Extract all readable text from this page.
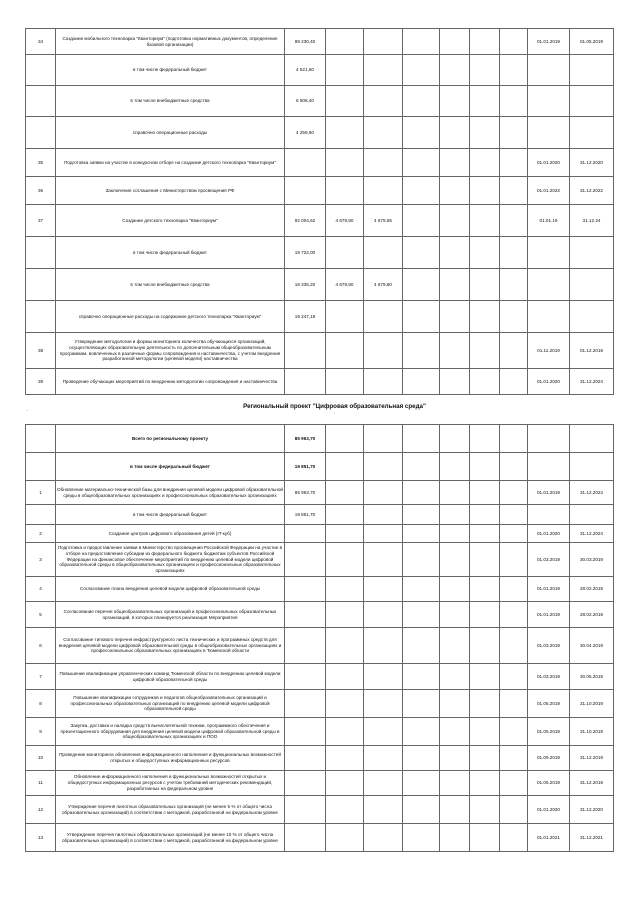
34	Создание мобильного технопарка "Кванториум" (подготовка нормативных документов, определение базовой организации)	89 230,40							01.01.2019	01.05.2019
	в том числе федеральный бюджет	4 521,60								
	в том числе внебюджетные средства	6 508,40								
	справочно операционные расходы	4 259,60								
35	Подготовка заявки на участие в конкурсном отборе на создание детского технопарка "Кванториум"								01.01.2020	31.12.2020
36	Заключение соглашения с Министерством просвещения РФ								01.01.2022	31.12.2022
37	Создание детского технопарка "Кванториум"	92 004,62	4 679,60	4 679,65					01.01.19	31.12.24
	в том числе федеральный бюджет	19 722,00								
	в том числе внебюджетные средства	18 335,20	4 679,60	4 679,60						
	справочно операционные расходы на содержание детского технопарка "Кванториум"	19 247,18								
38	Утверждение методологии и формы мониторинга количества обучающихся организаций, осуществляющих образовательную деятельность по дополнительным общеобразовательным программам, вовлеченных в различные формы сопровождения и наставничества, с учетом внедрения разработанной методологии (целевой модели) наставничества								01.11.2019	01.12.2019
39	Проведение обучающих мероприятий по внедрению методологии сопровождения и наставничества								01.01.2020	31.12.2024

-	Региональный проект "Цифровая образовательная среда"
'									

	Всего по региональному проекту	85 963,70								
	в том числе федеральный бюджет	19 851,70								
1	Обновление материально-технической базы для внедрения целевой модели цифровой образовательной среды в общеобразовательных организациях и профессиональных образовательных организациях	85 963,70							01.01.2019	31.12.2024
	в том числе федеральный бюджет	19 851,70								
2	Создание центров цифрового образования детей (IT-куб)								01.01.2020	31.12.2024
3	Подготовка и предоставление заявки в Министерство просвещения Российской Федерации на участие в отборе на предоставление субсидии из федерального бюджета бюджетам субъектов Российской Федерации на финансовое обеспечение мероприятий по внедрению целевой модели цифровой образовательной среды в общеобразовательных организациях и профессиональных образовательных организациях								01.03.2019	30.03.2019
4	Согласование плана внедрения целевой модели цифровой образовательной среды								01.01.2019	28.02.2019
5	Согласование перечня общеобразовательных организаций и профессиональных образовательных организаций, в которых планируется реализация Мероприятия								01.01.2019	28.02.2019
6	Согласование типового перечня инфраструктурного листа технических и программных средств для внедрения целевой модели цифровой образовательной среды в общеобразовательных организациях и профессиональных образовательных организациях в Тюменской области								01.03.2019	30.04.2019
7	Повышение квалификации управленческих команд Тюменской области по внедрению целевой модели цифровой образовательной среды								01.03.2019	30.05.2019
8	Повышение квалификации сотрудников и педагогов общеобразовательных организаций и профессиональных образовательных организаций по внедрению целевой модели цифровой образовательной среды								01.05.2019	31.10.2019
9	Закупка, доставка и наладка средств вычислительной техники, программного обеспечения и презентационного оборудования для внедрения целевой модели цифровой образовательной среды в общеобразовательных организациях и ПОО								01.05.2019	31.10.2019
10	Проведение мониторинга обновления информационного наполнения и функциональных возможностей открытых и общедоступных информационных ресурсов								01.09.2019	31.12.2019
11	Обновление информационного наполнения и функциональных возможностей открытых и общедоступных информационных ресурсов с учетом требований методических рекомендаций, разработанных на федеральном уровне								01.05.2019	31.12.2019
12	Утверждение перечня пилотных образовательных организаций (не менее 5 % от общего числа образовательных организаций) в соответствии с методикой, разработанной на федеральном уровне								01.01.2020	31.12.2020
13	Утверждение перечня пилотных образовательных организаций (не менее 10 % от общего числа образовательных организаций) в соответствии с методикой, разработанной на федеральном уровне								01.01.2021	31.12.2021
